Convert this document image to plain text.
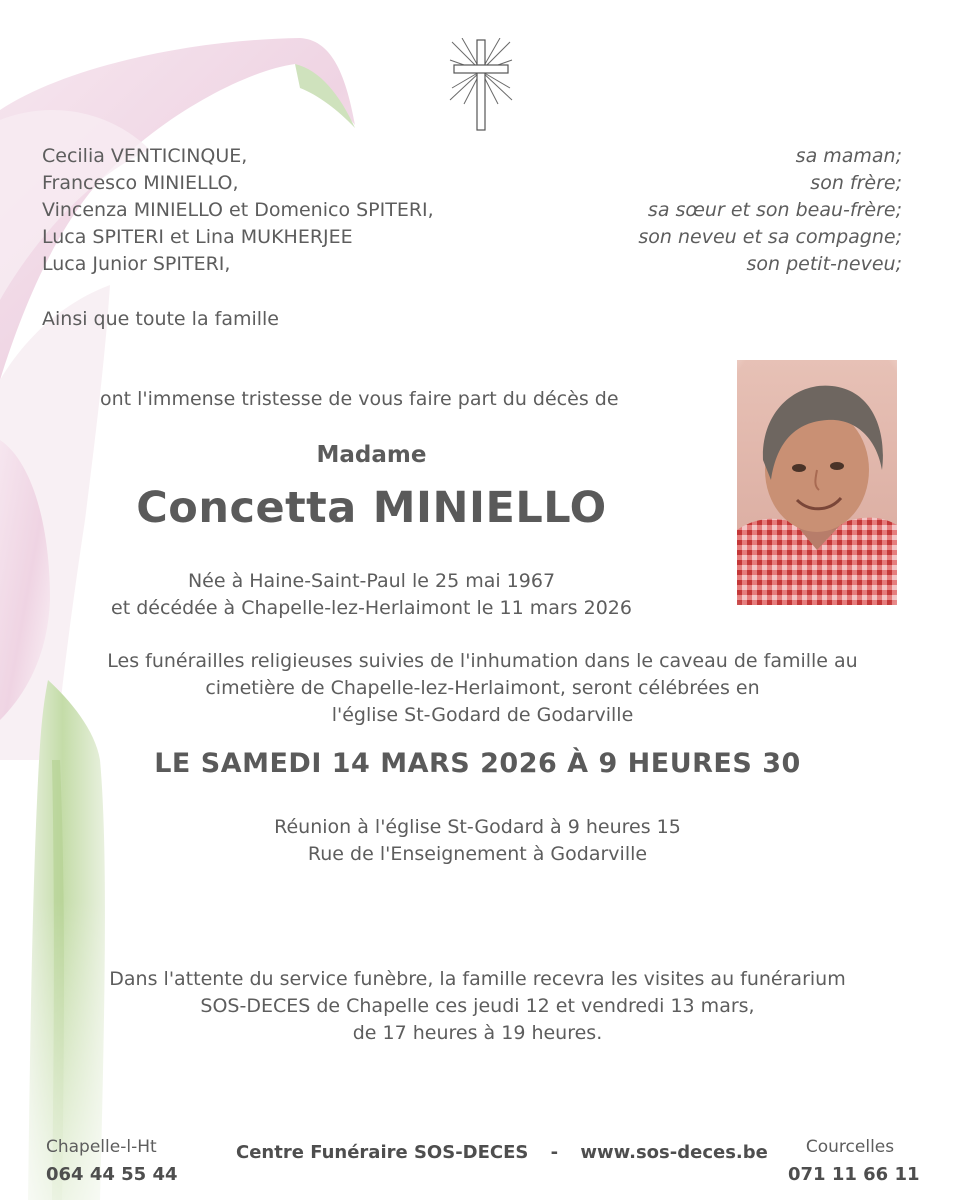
Cecilia VENTICINQUE,	sa maman;
Francesco MINIELLO,	son frère;
Vincenza MINIELLO et Domenico SPITERI,	sa sœur et son beau-frère;
Luca SPITERI et Lina MUKHERJEE	son neveu et sa compagne;
Luca Junior SPITERI,	son petit-neveu;
Ainsi que toute la famille
ont l'immense tristesse de vous faire part du décès de
Madame
Concetta MINIELLO
Née à Haine-Saint-Paul le 25 mai 1967
et décédée à Chapelle-lez-Herlaimont le 11 mars 2026
Les funérailles religieuses suivies de l'inhumation dans le caveau de famille au
cimetière de Chapelle-lez-Herlaimont, seront célébrées en
l'église St-Godard de Godarville
LE SAMEDI 14 MARS 2026 À 9 HEURES 30
Réunion à l'église St-Godard à 9 heures 15
Rue de l'Enseignement à Godarville
Dans l'attente du service funèbre, la famille recevra les visites au funérarium
SOS-DECES de Chapelle ces jeudi 12 et vendredi 13 mars,
de 17 heures à 19 heures.
Chapelle-l-Ht
064 44 55 44
Centre Funéraire SOS-DECES - www.sos-deces.be	Courcelles
071 11 66 11
